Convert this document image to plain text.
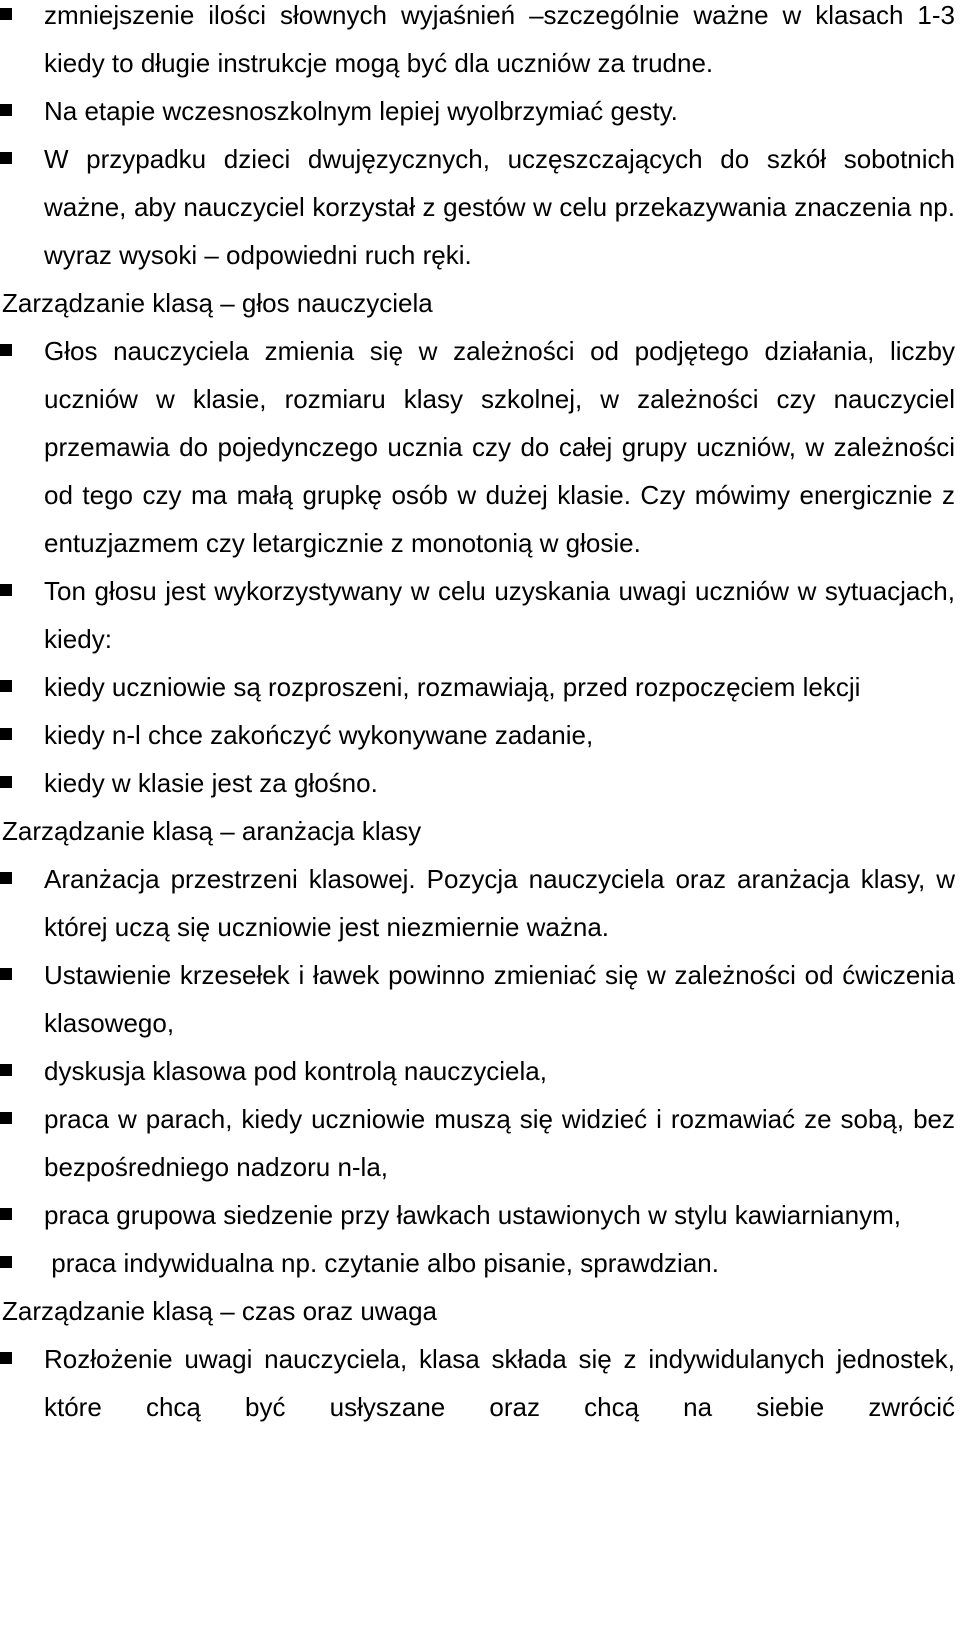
zmniejszenie ilości słownych wyjaśnień –szczególnie ważne w klasach 1-3 kiedy to długie instrukcje mogą być dla uczniów za trudne.

Na etapie wczesnoszkolnym lepiej wyolbrzymiać gesty.

W przypadku dzieci dwujęzycznych, uczęszczających do szkół sobotnich ważne, aby nauczyciel korzystał z gestów w celu przekazywania znaczenia np. wyraz wysoki – odpowiedni ruch ręki.

Zarządzanie klasą – głos nauczyciela

Głos nauczyciela zmienia się w zależności od podjętego działania, liczby uczniów w klasie, rozmiaru klasy szkolnej, w zależności czy nauczyciel przemawia do pojedynczego ucznia czy do całej grupy uczniów, w zależności od tego czy ma małą grupkę osób w dużej klasie. Czy mówimy energicznie z entuzjazmem czy letargicznie z monotonią w głosie.

Ton głosu jest wykorzystywany w celu uzyskania uwagi uczniów w sytuacjach, kiedy:

kiedy uczniowie są rozproszeni, rozmawiają, przed rozpoczęciem lekcji

kiedy n-l chce zakończyć wykonywane zadanie,

kiedy w klasie jest za głośno.

Zarządzanie klasą – aranżacja klasy

Aranżacja przestrzeni klasowej. Pozycja nauczyciela oraz aranżacja klasy, w której uczą się uczniowie jest niezmiernie ważna.

Ustawienie krzesełek i ławek powinno zmieniać się w zależności od ćwiczenia klasowego,

dyskusja klasowa pod kontrolą nauczyciela,

praca w parach, kiedy uczniowie muszą się widzieć i rozmawiać ze sobą, bez bezpośredniego nadzoru n-la,

praca grupowa siedzenie przy ławkach ustawionych w stylu kawiarnianym,

praca indywidualna np. czytanie albo pisanie, sprawdzian.

Zarządzanie klasą – czas oraz uwaga

Rozłożenie uwagi nauczyciela, klasa składa się z indywidulanych jednostek, które chcą być usłyszane oraz chcą na siebie zwrócić
